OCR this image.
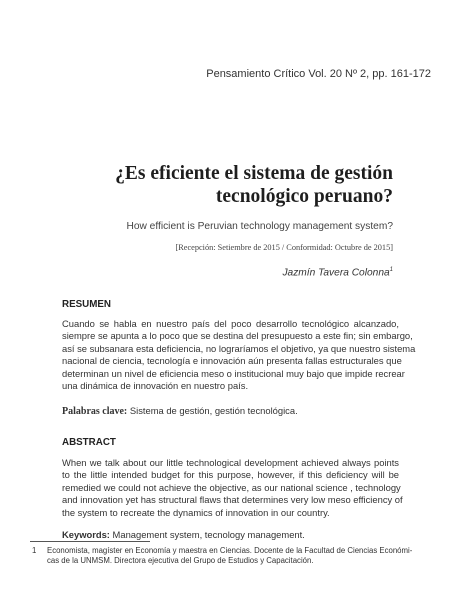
Pensamiento Crítico Vol. 20 Nº 2, pp. 161-172
¿Es eficiente el sistema de gestión
tecnológico peruano?
How efficient is Peruvian technology management system?
[Recepción: Setiembre de 2015 / Conformidad: Octubre de 2015]
Jazmín Tavera Colonna$^1$
RESUMEN
Cuando se habla en nuestro país del poco desarrollo tecnológico alcanzado,
siempre se apunta a lo poco que se destina del presupuesto a este fin; sin embargo,
así se subsanara esta deficiencia, no lograríamos el objetivo, ya que nuestro sistema
nacional de ciencia, tecnología e innovación aún presenta fallas estructurales que
determinan un nivel de eficiencia meso o institucional muy bajo que impide recrear
una dinámica de innovación en nuestro país.
Palabras clave: Sistema de gestión, gestión tecnológica.
ABSTRACT
When we talk about our little technological development achieved always points
to the little intended budget for this purpose, however, if this deficiency will be
remedied we could not achieve the objective, as our national science , technology
and innovation yet has structural flaws that determines very low meso efficiency of
the system to recreate the dynamics of innovation in our country.
Keywords: Management system, tecnology management.
1 Economista, magíster en Economía y maestra en Ciencias. Docente de la Facultad de Ciencias Económi-
cas de la UNMSM. Directora ejecutiva del Grupo de Estudios y Capacitación.
